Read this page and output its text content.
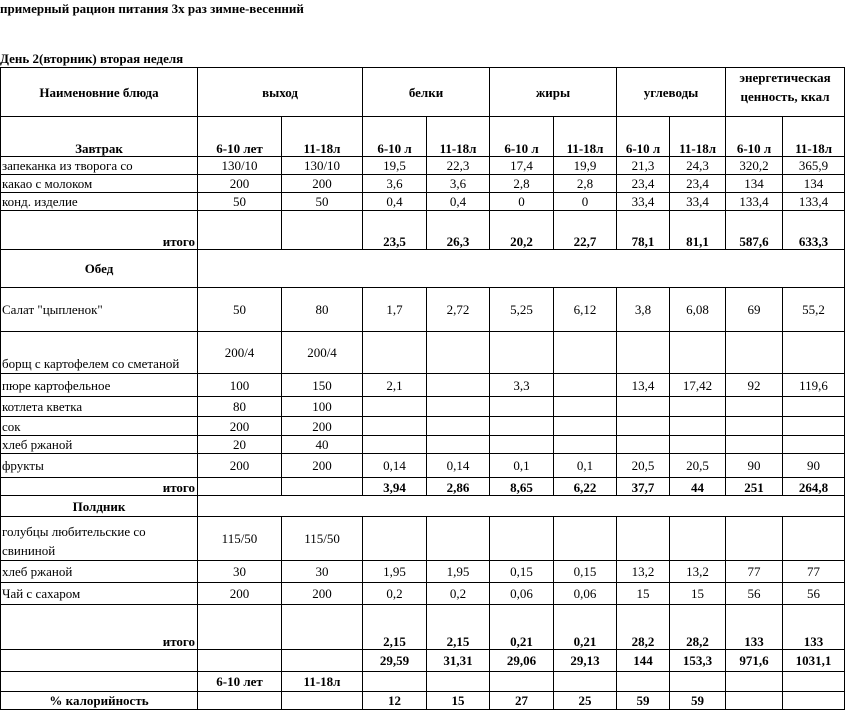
примерный рацион питания 3х раз зимне-весенний
День 2(вторник) вторая неделя
Наименовние блюда	выход		белки		жиры		углеводы		энергетическая ценность, ккал	
Завтрак	6-10 лет	11-18л	6-10 л	11-18л	6-10 л	11-18л	6-10 л	11-18л	6-10 л	11-18л
запеканка из творога со	130/10	130/10	19,5	22,3	17,4	19,9	21,3	24,3	320,2	365,9
какао с молоком	200	200	3,6	3,6	2,8	2,8	23,4	23,4	134	134
конд. изделие	50	50	0,4	0,4	0	0	33,4	33,4	133,4	133,4
итого			23,5	26,3	20,2	22,7	78,1	81,1	587,6	633,3
Обед										
Салат "цыпленок"	50	80	1,7	2,72	5,25	6,12	3,8	6,08	69	55,2
борщ с картофелем со сметаной	200/4	200/4								
пюре картофельное	100	150	2,1		3,3		13,4	17,42	92	119,6
котлета кветка	80	100								
сок	200	200								
хлеб ржаной	20	40								
фрукты	200	200	0,14	0,14	0,1	0,1	20,5	20,5	90	90
итого			3,94	2,86	8,65	6,22	37,7	44	251	264,8
Полдник										
голубцы любительские со свининой	115/50	115/50								
хлеб ржаной	30	30	1,95	1,95	0,15	0,15	13,2	13,2	77	77
Чай с сахаром	200	200	0,2	0,2	0,06	0,06	15	15	56	56
итого			2,15	2,15	0,21	0,21	28,2	28,2	133	133
			29,59	31,31	29,06	29,13	144	153,3	971,6	1031,1
	6-10 лет	11-18л								
% калорийность			12	15	27	25	59	59		
